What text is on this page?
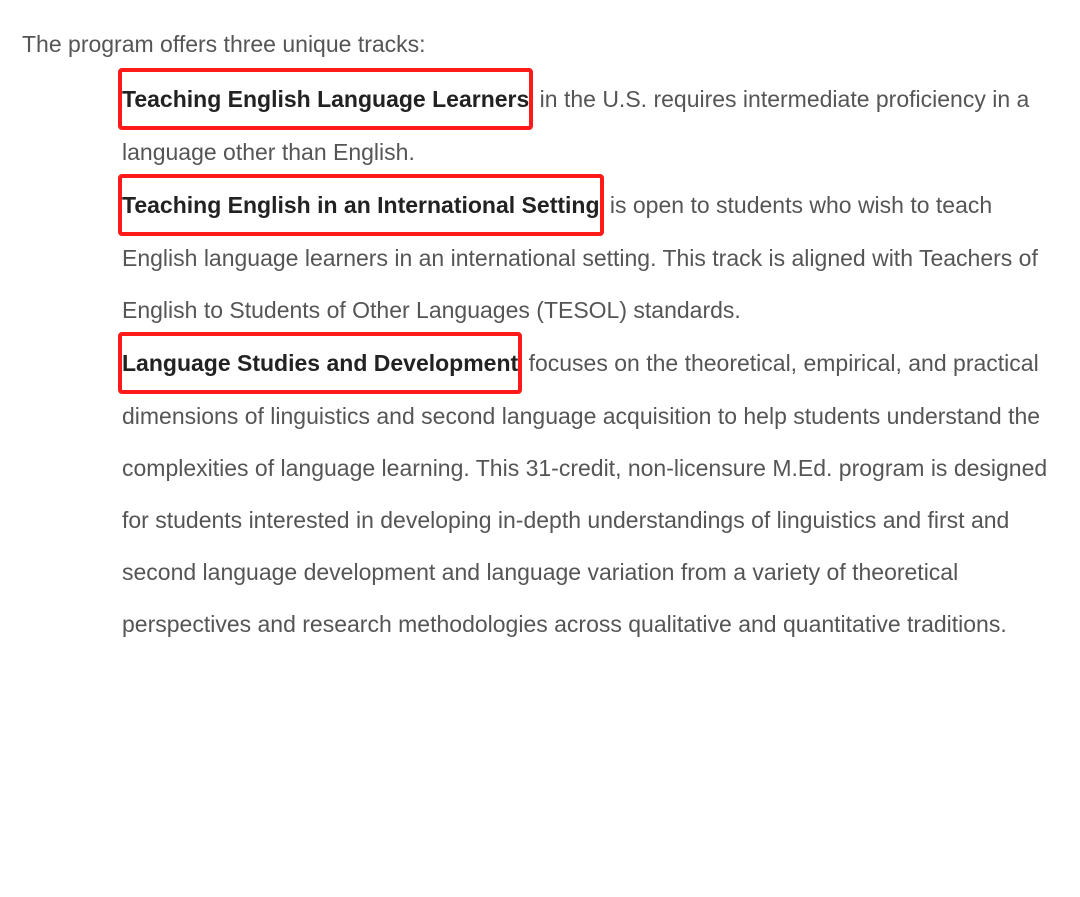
The program offers three unique tracks:

Teaching English Language Learners in the U.S. requires intermediate proficiency in a language other than English.

Teaching English in an International Setting is open to students who wish to teach English language learners in an international setting. This track is aligned with Teachers of English to Students of Other Languages (TESOL) standards.

Language Studies and Development focuses on the theoretical, empirical, and practical dimensions of linguistics and second language acquisition to help students understand the complexities of language learning. This 31-credit, non-licensure M.Ed. program is designed for students interested in developing in-depth understandings of linguistics and first and second language development and language variation from a variety of theoretical perspectives and research methodologies across qualitative and quantitative traditions.
